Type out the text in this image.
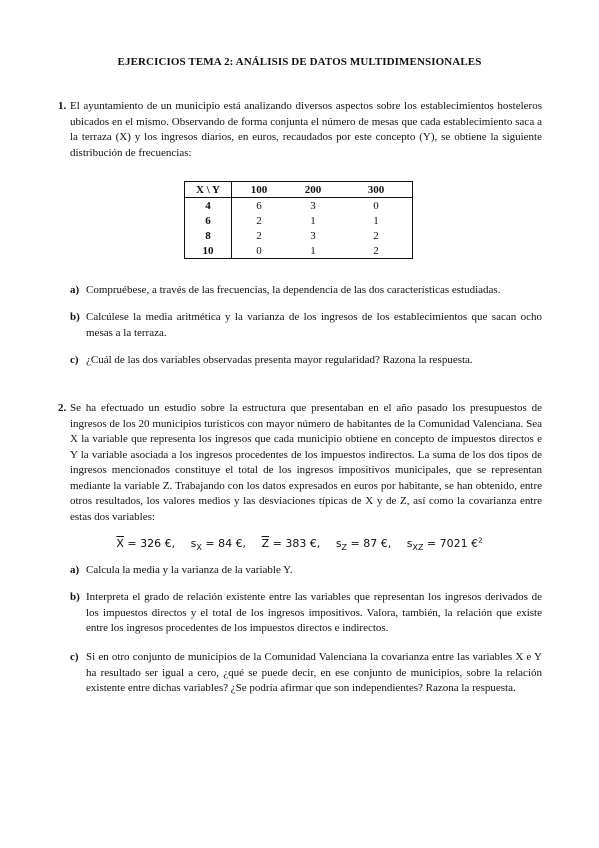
EJERCICIOS TEMA 2: ANÁLISIS DE DATOS MULTIDIMENSIONALES
1. El ayuntamiento de un municipio está analizando diversos aspectos sobre los establecimientos hosteleros ubicados en el mismo. Observando de forma conjunta el número de mesas que cada establecimiento saca a la terraza (X) y los ingresos diarios, en euros, recaudados por este concepto (Y), se obtiene la siguiente distribución de frecuencias:
X \ Y	100	200	300
4	6	3	0
6	2	1	1
8	2	3	2
10	0	1	2
a) Compruébese, a través de las frecuencias, la dependencia de las dos características estudiadas.
b) Calcúlese la media aritmética y la varianza de los ingresos de los establecimientos que sacan ocho mesas a la terraza.
c) ¿Cuál de las dos variables observadas presenta mayor regularidad? Razona la respuesta.
2. Se ha efectuado un estudio sobre la estructura que presentaban en el año pasado los presupuestos de ingresos de los 20 municipios turísticos con mayor número de habitantes de la Comunidad Valenciana. Sea X la variable que representa los ingresos que cada municipio obtiene en concepto de impuestos directos e Y la variable asociada a los ingresos procedentes de los impuestos indirectos. La suma de los dos tipos de ingresos mencionados constituye el total de los ingresos impositivos municipales, que se representan mediante la variable Z. Trabajando con los datos expresados en euros por habitante, se han obtenido, entre otros resultados, los valores medios y las desviaciones típicas de X y de Z, así como la covarianza entre estas dos variables:
$\overline{X} = 326$ €, $s_X = 84$ €, $\overline{Z} = 383$ €, $s_Z = 87$ €, $s_{XZ} = 7021$ €$^2$
a) Calcula la media y la varianza de la variable Y.
b) Interpreta el grado de relación existente entre las variables que representan los ingresos derivados de los impuestos directos y el total de los ingresos impositivos. Valora, también, la relación que existe entre los ingresos procedentes de los impuestos directos e indirectos.
c) Si en otro conjunto de municipios de la Comunidad Valenciana la covarianza entre las variables X e Y ha resultado ser igual a cero, ¿qué se puede decir, en ese conjunto de municipios, sobre la relación existente entre dichas variables? ¿Se podría afirmar que son independientes? Razona la respuesta.
